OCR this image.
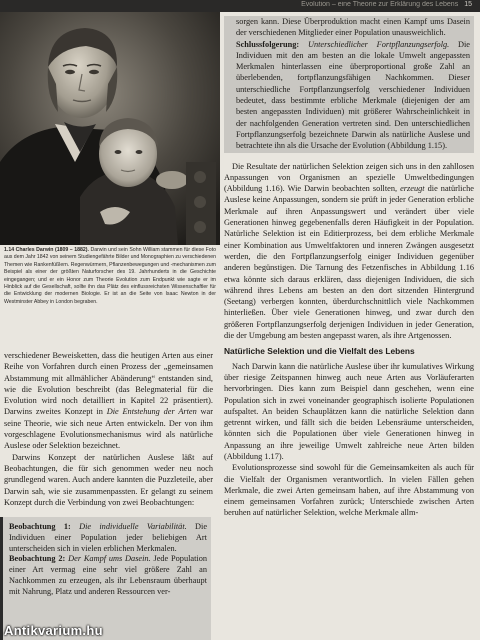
Evolution – eine Theorie zur Erklärung des Lebens 15
1.14 Charles Darwin (1809 – 1882). Darwin und sein Sohn William stammen für diese Foto aus dem Jahr 1842 von seinem Studiengefährte Bilder und Monographien zu verschiedenen Themen wie Rankenfüßlern. Regenwürmern, Pflanzenbewegungen und -mechanismen zum Beispiel als einer der größten Naturforscher des 19. Jahrhunderts in die Geschichte eingegangen; und er ein Honor zum Theorie Evolution zum Endpunkt wie sagte er im Hinblick auf die Gesellschaft, sollte ihn das Plätz des einflussreichsten Wissenschaftler für die Entwicklung der modernen Biologie. Er ist an die Seite von Isaac Newton in der Westminster Abbey in London begraben.

verschiedener Beweisketten, dass die heutigen Arten aus einer Reihe von Vorfahren durch einen Prozess der „gemeinsamen Abstammung mit allmählicher Abänderung“ entstanden sind, wie die Evolution beschreibt (das Belegmaterial für die Evolution wird noch detailliert in Kapitel 22 präsentiert). Darwins zweites Konzept in Die Entstehung der Arten war seine Theorie, wie sich neue Arten entwickeln. Der von ihm vorgeschlagene Evolutionsmechanismus wird als natürliche Auslese oder Selektion bezeichnet.

Darwins Konzept der natürlichen Auslese läßt auf Beobachtungen, die für sich genommen weder neu noch grundlegend waren. Auch andere kannten die Puzzleteile, aber Darwin sah, wie sie zusammenpassten. Er gelangt zu seinem Konzept durch die Verbindung von zwei Beobachtungen:

Beobachtung 1: Die individuelle Variabilität. Die Individuen einer Population jeder beliebigen Art unterscheiden sich in vielen erblichen Merkmalen.

Beobachtung 2: Der Kampf ums Dasein. Jede Population einer Art vermag eine sehr viel größere Zahl an Nachkommen zu erzeugen, als ihr Lebensraum überhaupt mit Nahrung, Platz und anderen Ressourcen ver-

sorgen kann. Diese Überproduktion macht einen Kampf ums Dasein der verschiedenen Mitglieder einer Population unausweichlich.

Schlussfolgerung: Unterschiedlicher Fortpflanzungserfolg. Die Individuen mit den am besten an die lokale Umwelt angepassten Merkmalen hinterlassen eine überproportional große Zahl an überlebenden, fortpflanzungsfähigen Nachkommen. Dieser unterschiedliche Fortpflanzungserfolg verschiedener Individuen bedeutet, dass bestimmte erbliche Merkmale (diejenigen der am besten angepassten Individuen) mit größerer Wahrscheinlichkeit in der nachfolgenden Generation vertreten sind. Den unterschiedlichen Fortpflanzungserfolg bezeichnete Darwin als natürliche Auslese und betrachtete ihn als die Ursache der Evolution (Abbildung 1.15).

Die Resultate der natürlichen Selektion zeigen sich uns in den zahllosen Anpassungen von Organismen an spezielle Umweltbedingungen (Abbildung 1.16). Wie Darwin beobachten sollten, erzeugt die natürliche Auslese keine Anpassungen, sondern sie prüft in jeder Generation erbliche Merkmale auf ihren Anpassungswert und verändert über viele Generationen hinweg gegebenenfalls deren Häufigkeit in der Population. Natürliche Selektion ist ein Editierprozess, bei dem erbliche Merkmale einer Kombination aus Umweltfaktoren und inneren Zwängen ausgesetzt werden, die den Fortpflanzungserfolg einiger Individuen gegenüber anderen begünstigen. Die Tarnung des Fetzenfisches in Abbildung 1.16 etwa könnte sich daraus erklären, dass diejenigen Individuen, die sich während ihres Lebens am besten an den dort sitzenden Hintergrund (Seetang) verbergen konnten, überdurchschnittlich viele Nachkommen hinterließen. Über viele Generationen hinweg, und zwar durch den größeren Fortpflanzungserfolg derjenigen Individuen in jeder Generation, die der Umgebung am besten angepasst waren, als ihre Artgenossen.

Natürliche Selektion und die Vielfalt des Lebens

Nach Darwin kann die natürliche Auslese über ihr kumulatives Wirkung über riesige Zeitspannen hinweg auch neue Arten aus Vorläuferarten hervorbringen. Dies kann zum Beispiel dann geschehen, wenn eine Population sich in zwei voneinander geographisch isolierte Populationen aufspaltet. An beiden Schauplätzen kann die natürliche Selektion dann getrennt wirken, und fällt sich die beiden Lebensräume unterscheiden, könnten sich die Populationen über viele Generationen hinweg in Anpassung an ihre jeweilige Umwelt zahlreiche neue Arten bilden (Abbildung 1.17).

Evolutionsprozesse sind sowohl für die Gemeinsamkeiten als auch für die Vielfalt der Organismen verantwortlich. In vielen Fällen gehen Merkmale, die zwei Arten gemeinsam haben, auf ihre Abstammung von einem gemeinsamen Vorfahren zurück; Unterschiede zwischen Arten beruhen auf natürlicher Selektion, welche Merkmale allm-

Antikvarium.hu
